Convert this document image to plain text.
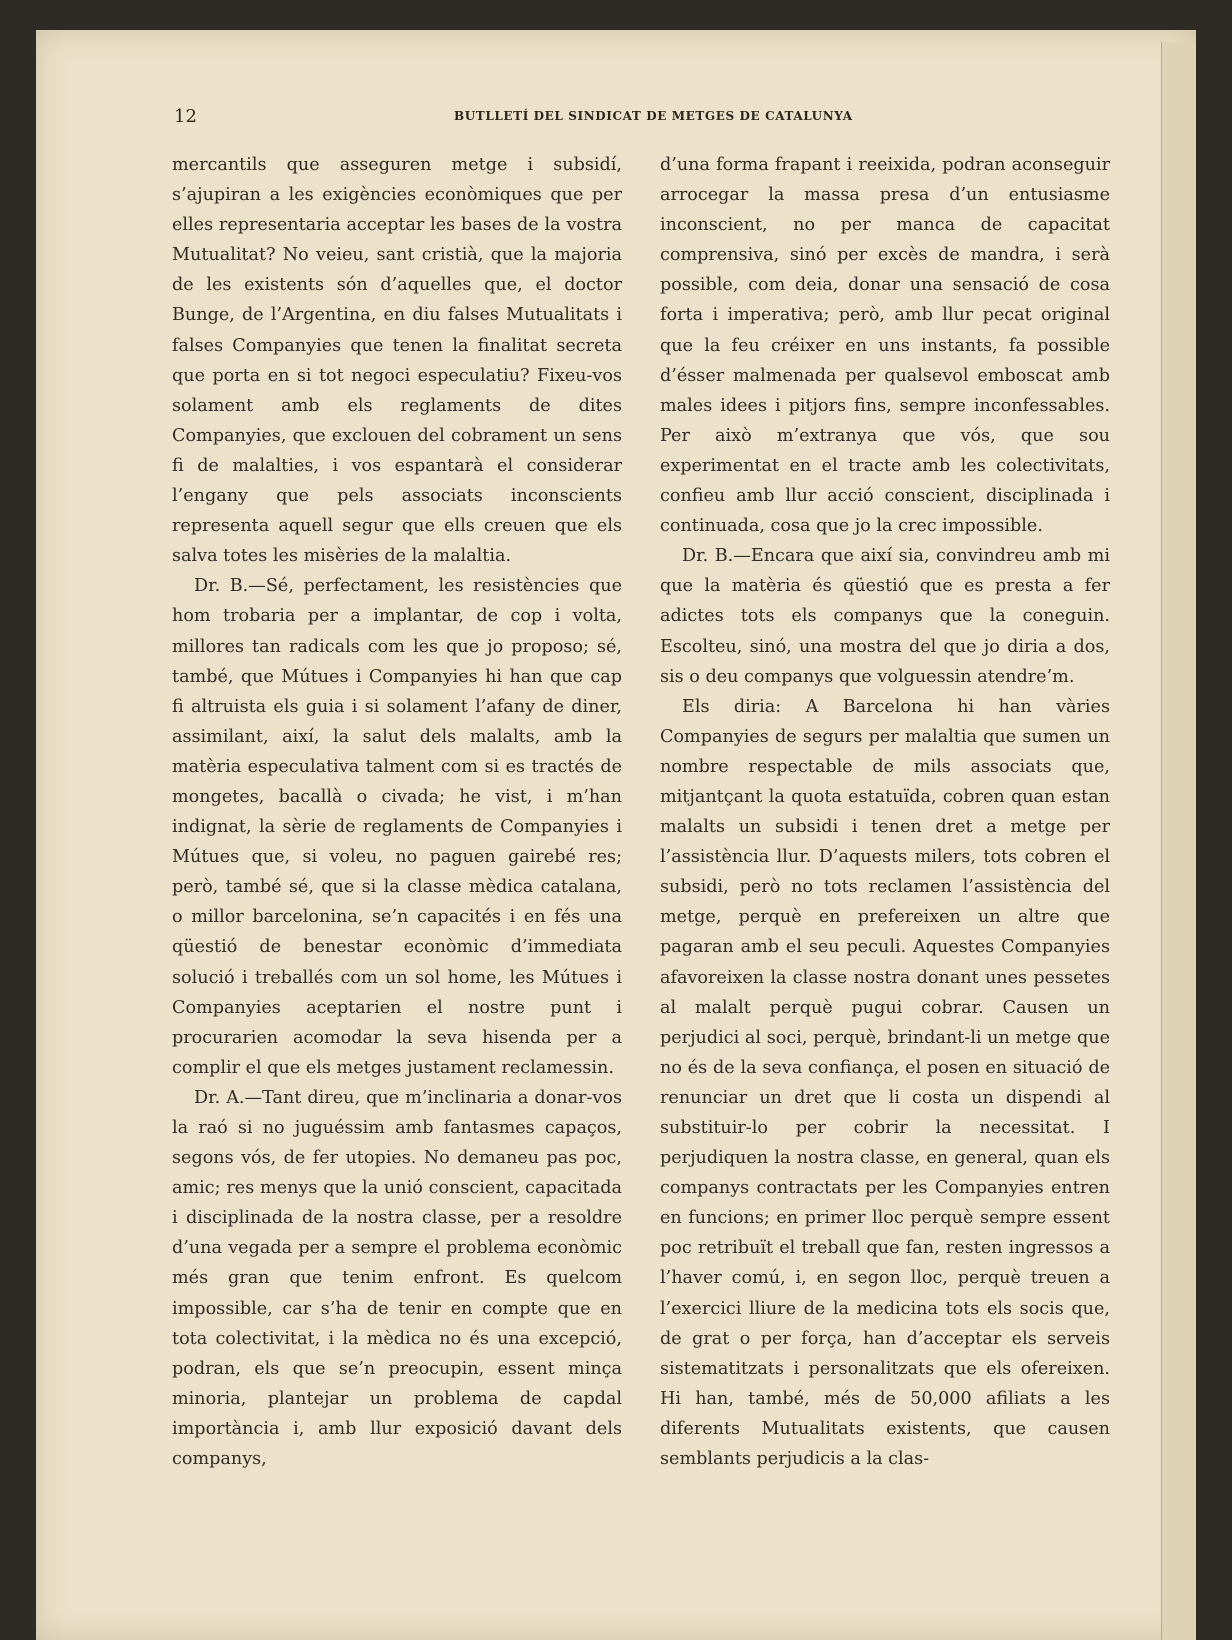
12	BUTLLETÍ DEL SINDICAT DE METGES DE CATALUNYA

mercantils que asseguren metge i subsidí, s’ajupiran a les exigències econòmiques que per elles representaria acceptar les bases de la vostra Mutualitat? No veieu, sant cristià, que la majoria de les existents són d’aquelles que, el doctor Bunge, de l’Argentina, en diu falses Mutualitats i falses Companyies que tenen la finalitat secreta que porta en si tot negoci especulatiu? Fixeu-vos solament amb els reglaments de dites Companyies, que exclouen del cobrament un sens fi de malalties, i vos espantarà el considerar l’engany que pels associats inconscients representa aquell segur que ells creuen que els salva totes les misèries de la malaltia.

Dr. B.—Sé, perfectament, les resistències que hom trobaria per a implantar, de cop i volta, millores tan radicals com les que jo proposo; sé, també, que Mútues i Companyies hi han que cap fi altruista els guia i si solament l’afany de diner, assimilant, així, la salut dels malalts, amb la matèria especulativa talment com si es tractés de mongetes, bacallà o civada; he vist, i m’han indignat, la sèrie de reglaments de Companyies i Mútues que, si voleu, no paguen gairebé res; però, també sé, que si la classe mèdica catalana, o millor barcelonina, se’n capacités i en fés una qüestió de benestar econòmic d’immediata solució i treballés com un sol home, les Mútues i Companyies aceptarien el nostre punt i procurarien acomodar la seva hisenda per a complir el que els metges justament reclamessin.

Dr. A.—Tant direu, que m’inclinaria a donar-vos la raó si no juguéssim amb fantasmes capaços, segons vós, de fer utopies. No demaneu pas poc, amic; res menys que la unió conscient, capacitada i disciplinada de la nostra classe, per a resoldre d’una vegada per a sempre el problema econòmic més gran que tenim enfront. Es quelcom impossible, car s’ha de tenir en compte que en tota colectivitat, i la mèdica no és una excepció, podran, els que se’n preocupin, essent minça minoria, plantejar un problema de capdal importància i, amb llur exposició davant dels companys,

d’una forma frapant i reeixida, podran aconseguir arrocegar la massa presa d’un entusiasme inconscient, no per manca de capacitat comprensiva, sinó per excès de mandra, i serà possible, com deia, donar una sensació de cosa forta i imperativa; però, amb llur pecat original que la feu créixer en uns instants, fa possible d’ésser malmenada per qualsevol emboscat amb males idees i pitjors fins, sempre inconfessables. Per això m’extranya que vós, que sou experimentat en el tracte amb les colectivitats, confieu amb llur acció conscient, disciplinada i continuada, cosa que jo la crec impossible.

Dr. B.—Encara que així sia, convindreu amb mi que la matèria és qüestió que es presta a fer adictes tots els companys que la coneguin. Escolteu, sinó, una mostra del que jo diria a dos, sis o deu companys que volguessin atendre’m.

Els diria: A Barcelona hi han vàries Companyies de segurs per malaltia que sumen un nombre respectable de mils associats que, mitjantçant la quota estatuïda, cobren quan estan malalts un subsidi i tenen dret a metge per l’assistència llur. D’aquests milers, tots cobren el subsidi, però no tots reclamen l’assistència del metge, perquè en prefereixen un altre que pagaran amb el seu peculi. Aquestes Companyies afavoreixen la classe nostra donant unes pessetes al malalt perquè pugui cobrar. Causen un perjudici al soci, perquè, brindant-li un metge que no és de la seva confiança, el posen en situació de renunciar un dret que li costa un dispendi al substituir-lo per cobrir la necessitat. I perjudiquen la nostra classe, en general, quan els companys contractats per les Companyies entren en funcions; en primer lloc perquè sempre essent poc retribuït el treball que fan, resten ingressos a l’haver comú, i, en segon lloc, perquè treuen a l’exercici lliure de la medicina tots els socis que, de grat o per força, han d’acceptar els serveis sistematitzats i personalitzats que els ofereixen. Hi han, també, més de 50,000 afiliats a les diferents Mutualitats existents, que causen semblants perjudicis a la clas-
